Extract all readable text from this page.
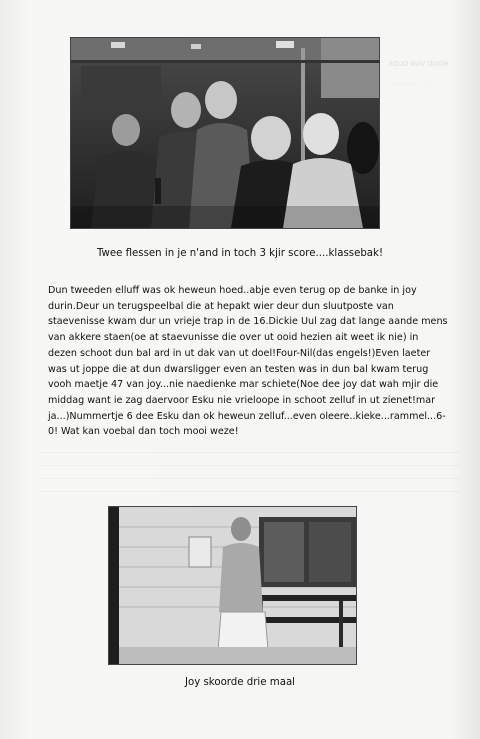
HOUD VAN OUDS
. . . . . . . . .
Twee flessen in je n'and in toch 3 kjir score....klassebak!

Dun tweeden elluff was ok heweun hoed..abje even terug op de banke in joy
durin.Deur un terugspeelbal die at hepakt wier deur dun sluutposte van
staevenisse kwam dur un vrieje trap in de 16.Dickie Uul zag dat lange aande mens
van akkere staen(oe at staevunisse die over ut ooid hezien ait weet ik nie) in
dezen schoot dun bal ard in ut dak van ut doel!Four-Nil(das engels!)Even laeter
was ut joppe die at dun dwarsligger even an testen was in dun bal kwam terug
vooh maetje 47 van joy...nie naedienke mar schiete(Noe dee joy dat wah mjir die
middag want ie zag daervoor Esku nie vrieloope in schoot zelluf in ut zienet!mar
ja...)Nummertje 6 dee Esku dan ok heweun zelluf...even oleere..kieke...rammel...6-
0! Wat kan voebal dan toch mooi weze!

Joy skoorde drie maal
